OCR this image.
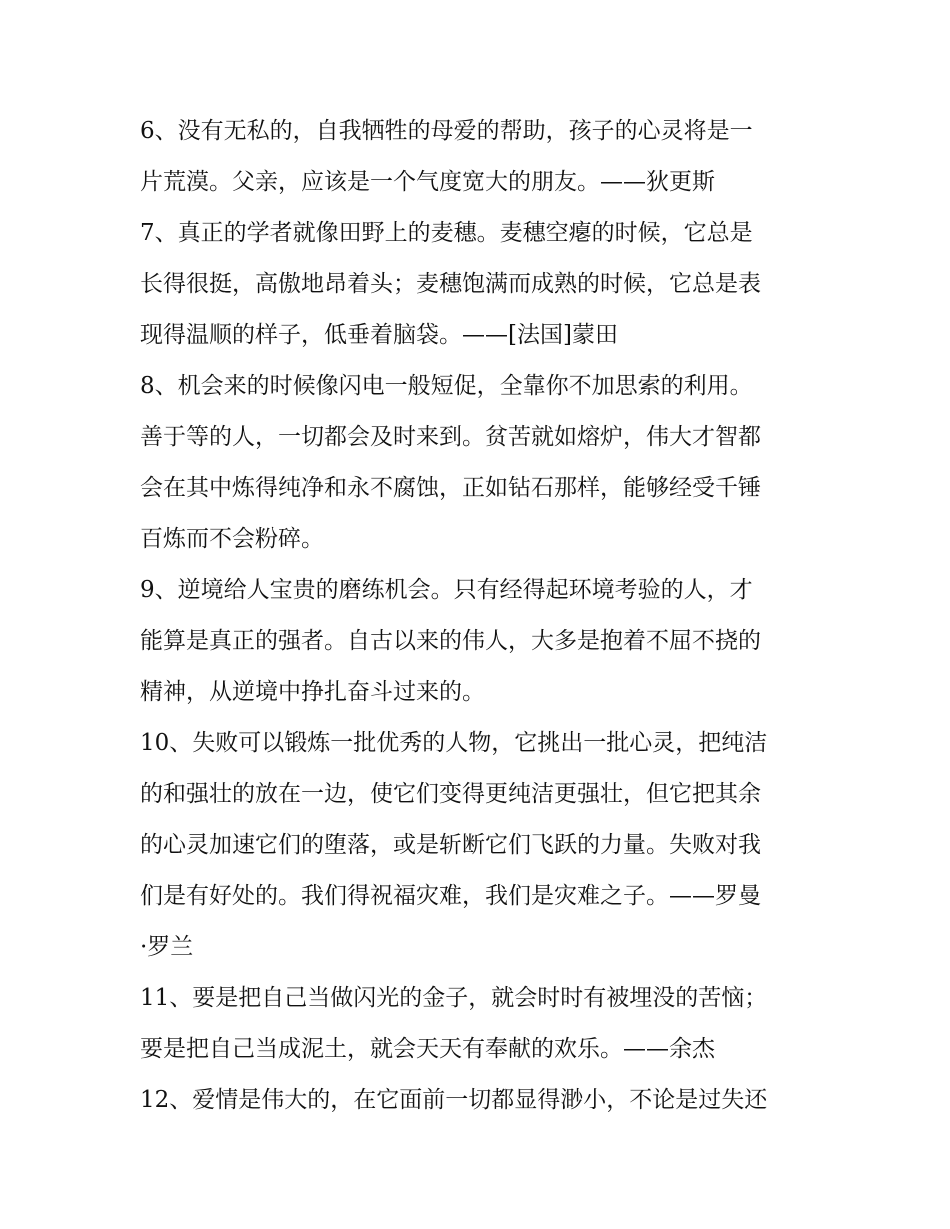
6、没有无私的，自我牺牲的母爱的帮助，孩子的心灵将是一
片荒漠。父亲，应该是一个气度宽大的朋友。——狄更斯
7、真正的学者就像田野上的麦穗。麦穗空瘪的时候，它总是
长得很挺，高傲地昂着头；麦穗饱满而成熟的时候，它总是表
现得温顺的样子，低垂着脑袋。——[法国]蒙田
8、机会来的时候像闪电一般短促，全靠你不加思索的利用。
善于等的人，一切都会及时来到。贫苦就如熔炉，伟大才智都
会在其中炼得纯净和永不腐蚀，正如钻石那样，能够经受千锤
百炼而不会粉碎。
9、逆境给人宝贵的磨练机会。只有经得起环境考验的人，才
能算是真正的强者。自古以来的伟人，大多是抱着不屈不挠的
精神，从逆境中挣扎奋斗过来的。
10、失败可以锻炼一批优秀的人物，它挑出一批心灵，把纯洁
的和强壮的放在一边，使它们变得更纯洁更强壮，但它把其余
的心灵加速它们的堕落，或是斩断它们飞跃的力量。失败对我
们是有好处的。我们得祝福灾难，我们是灾难之子。——罗曼
·罗兰
11、要是把自己当做闪光的金子，就会时时有被埋没的苦恼；
要是把自己当成泥土，就会天天有奉献的欢乐。——余杰
12、爱情是伟大的，在它面前一切都显得渺小，不论是过失还
